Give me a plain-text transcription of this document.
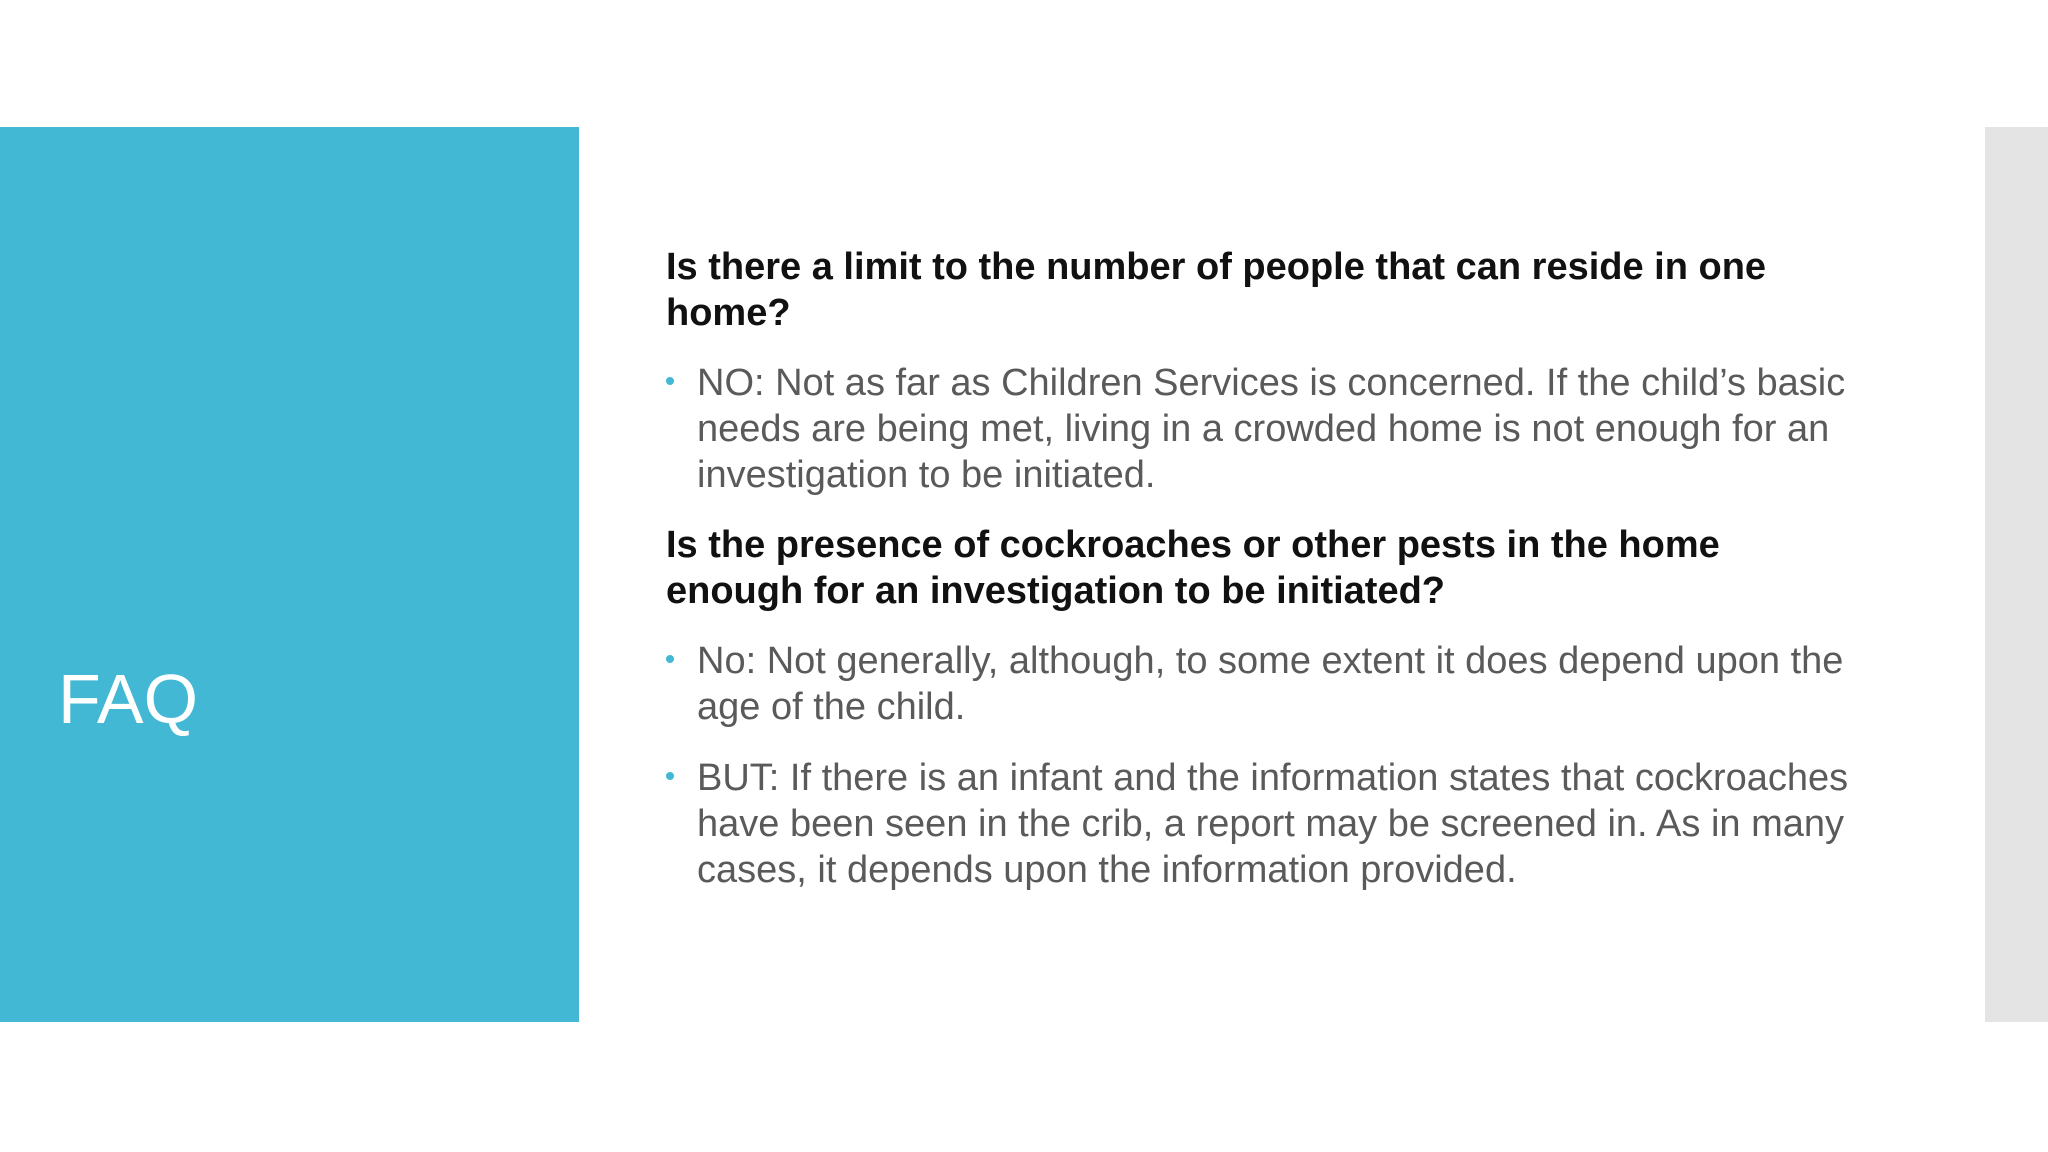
FAQ

Is there a limit to the number of people that can reside in one home?

NO: Not as far as Children Services is concerned. If the child’s basic needs are being met, living in a crowded home is not enough for an investigation to be initiated.

Is the presence of cockroaches or other pests in the home enough for an investigation to be initiated?

No: Not generally, although, to some extent it does depend upon the age of the child.
BUT: If there is an infant and the information states that cockroaches have been seen in the crib, a report may be screened in. As in many cases, it depends upon the information provided.
